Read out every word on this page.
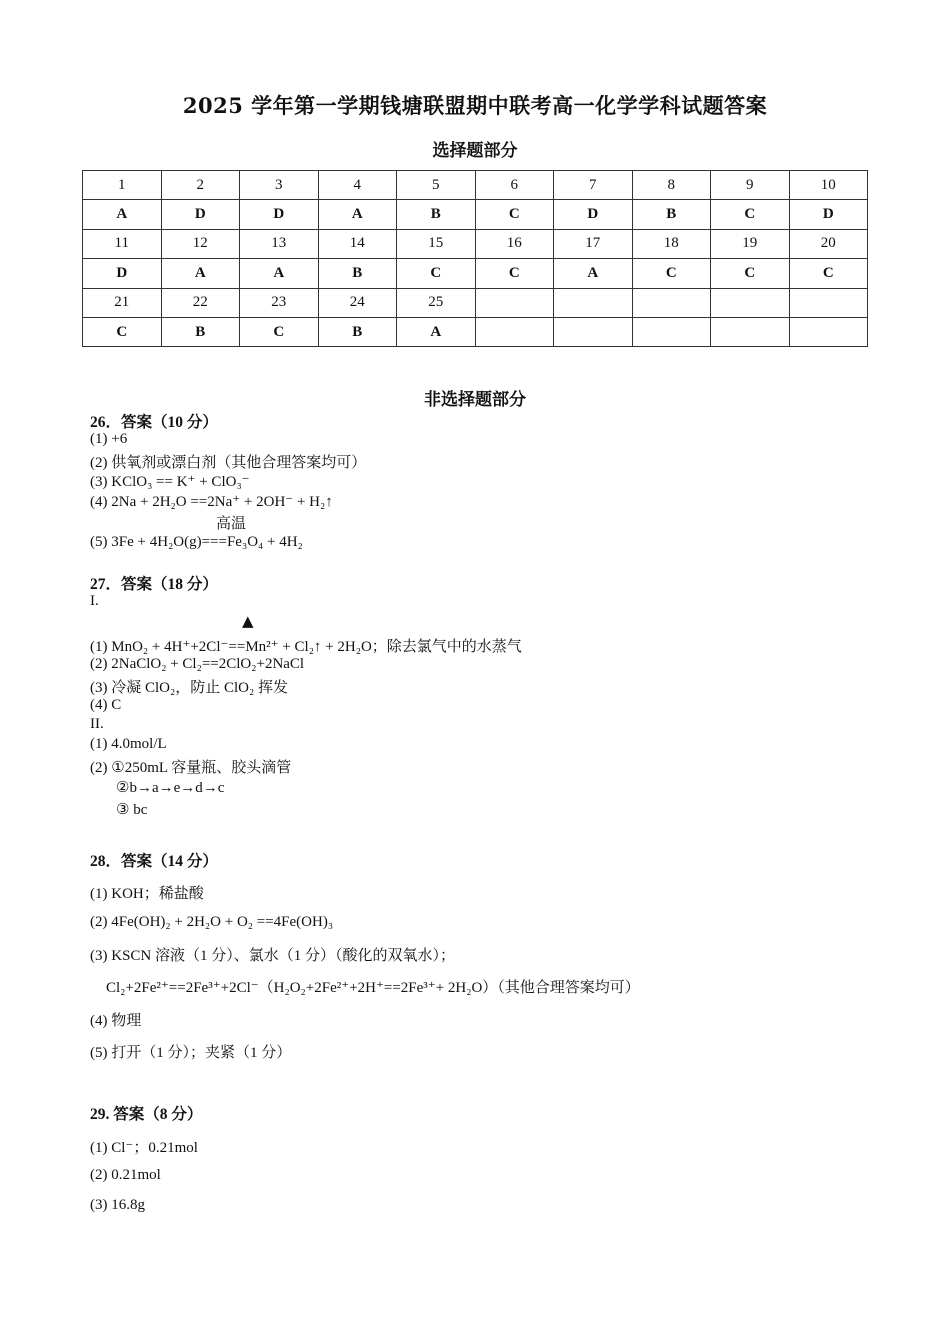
2025 学年第一学期钱塘联盟期中联考高一化学学科试题答案
选择题部分
1	2	3	4	5	6	7	8	9	10
A	D	D	A	B	C	D	B	C	D
11	12	13	14	15	16	17	18	19	20
D	A	A	B	C	C	A	C	C	C
21	22	23	24	25					
C	B	C	B	A					
非选择题部分
26．答案（10 分）
(1) +6
(2) 供氧剂或漂白剂（其他合理答案均可）
(3) KClO₃ == K⁺ + ClO₃⁻
(4) 2Na + 2H₂O ==2Na⁺ + 2OH⁻ + H₂↑
高温
(5) 3Fe + 4H₂O(g)===Fe₃O₄ + 4H₂
27．答案（18 分）
I.
▲
(1) MnO₂ + 4H⁺+2Cl⁻==Mn²⁺ + Cl₂↑ + 2H₂O；除去氯气中的水蒸气
(2) 2NaClO₂ + Cl₂==2ClO₂+2NaCl
(3) 冷凝 ClO₂，防止 ClO₂ 挥发
(4) C
II.
(1) 4.0mol/L
(2) ①250mL 容量瓶、胶头滴管
②b→a→e→d→c
③ bc
28．答案（14 分）
(1) KOH；稀盐酸
(2) 4Fe(OH)₂ + 2H₂O + O₂ ==4Fe(OH)₃
(3) KSCN 溶液（1 分）、氯水（1 分）（酸化的双氧水）；
Cl₂+2Fe²⁺==2Fe³⁺+2Cl⁻（H₂O₂+2Fe²⁺+2H⁺==2Fe³⁺+ 2H₂O）（其他合理答案均可）
(4) 物理
(5) 打开（1 分）；夹紧（1 分）
29. 答案（8 分）
(1) Cl⁻；0.21mol
(2) 0.21mol
(3) 16.8g
